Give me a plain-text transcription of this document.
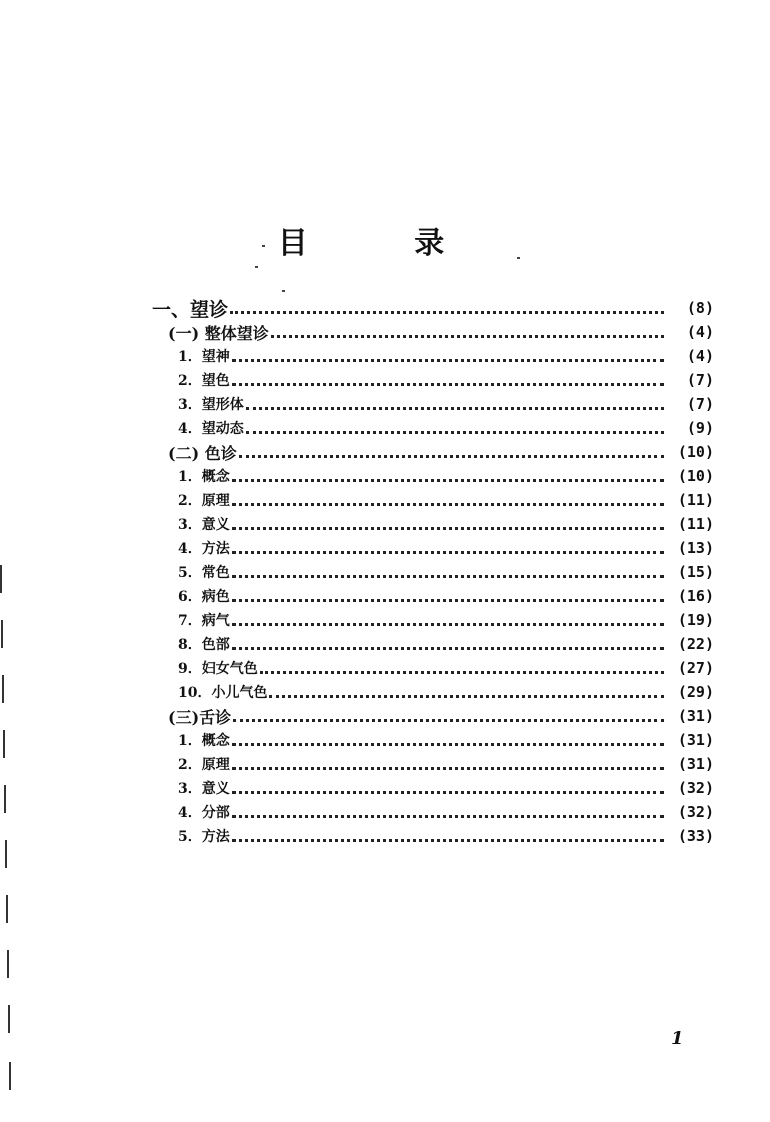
目 录
一、望诊	(8)
(一) 整体望诊	(4)
1．望神	(4)
2．望色	(7)
3．望形体	(7)
4．望动态	(9)
(二) 色诊	(10)
1．概念	(10)
2．原理	(11)
3．意义	(11)
4．方法	(13)
5．常色	(15)
6．病色	(16)
7．病气	(19)
8．色部	(22)
9．妇女气色	(27)
10．小儿气色	(29)
(三)舌诊	(31)
1．概念	(31)
2．原理	(31)
3．意义	(32)
4．分部	(32)
5．方法	(33)
1
